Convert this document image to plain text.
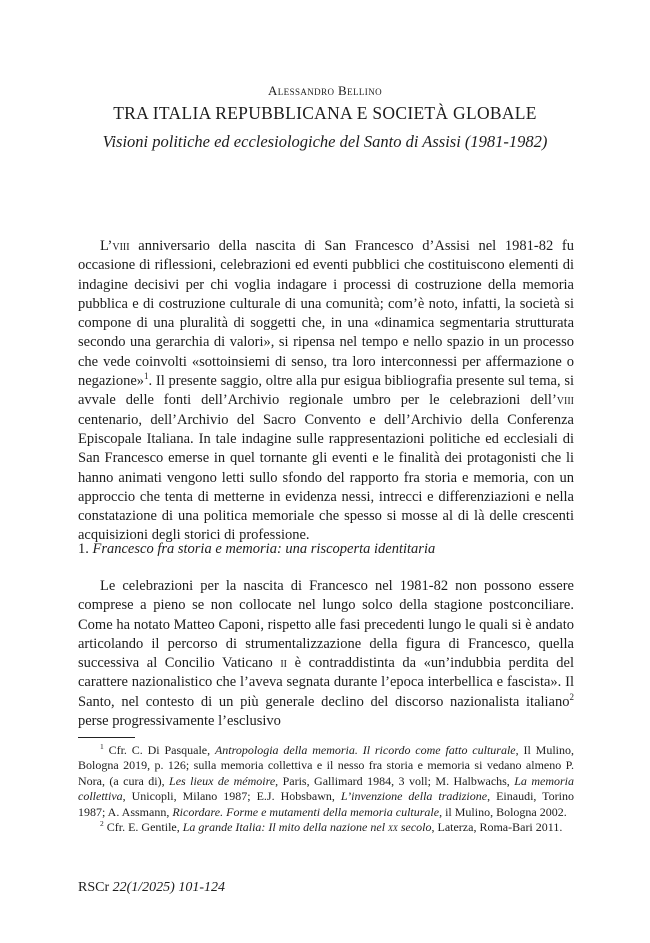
Alessandro Bellino
TRA ITALIA REPUBBLICANA E SOCIETÀ GLOBALE
Visioni politiche ed ecclesiologiche del Santo di Assisi (1981-1982)

L’viii anniversario della nascita di San Francesco d’Assisi nel 1981-82 fu occasione di riflessioni, celebrazioni ed eventi pubblici che costituiscono elementi di indagine decisivi per chi voglia indagare i processi di costruzione della memoria pubblica e di costruzione culturale di una comunità; com’è noto, infatti, la società si compone di una pluralità di soggetti che, in una «dinamica segmentaria strutturata secondo una gerarchia di valori», si ripensa nel tempo e nello spazio in un processo che vede coinvolti «sottoinsiemi di senso, tra loro interconnessi per affermazione o negazione»$^1$. Il presente saggio, oltre alla pur esigua bibliografia presente sul tema, si avvale delle fonti dell’Archivio regionale umbro per le celebrazioni dell’viii centenario, dell’Archivio del Sacro Convento e dell’Archivio della Conferenza Episcopale Italiana. In tale indagine sulle rappresentazioni politiche ed ecclesiali di San Francesco emerse in quel tornante gli eventi e le finalità dei protagonisti che li hanno animati vengono letti sullo sfondo del rapporto fra storia e memoria, con un approccio che tenta di metterne in evidenza nessi, intrecci e differenziazioni e nella constatazione di una politica memoriale che spesso si mosse al di là delle crescenti acquisizioni degli storici di professione.

1. Francesco fra storia e memoria: una riscoperta identitaria

Le celebrazioni per la nascita di Francesco nel 1981-82 non possono essere comprese a pieno se non collocate nel lungo solco della stagione postconciliare. Come ha notato Matteo Caponi, rispetto alle fasi precedenti lungo le quali si è andato articolando il percorso di strumentalizzazione della figura di Francesco, quella successiva al Concilio Vaticano ii è contraddistinta da «un’indubbia perdita del carattere nazionalistico che l’aveva segnata durante l’epoca interbellica e fascista». Il Santo, nel contesto di un più generale declino del discorso nazionalista italiano$^2$ perse progressivamente l’esclusivo

$^1$ Cfr. C. Di Pasquale, Antropologia della memoria. Il ricordo come fatto culturale, Il Mulino, Bologna 2019, p. 126; sulla memoria collettiva e il nesso fra storia e memoria si vedano almeno P. Nora, (a cura di), Les lieux de mémoire, Paris, Gallimard 1984, 3 voll; M. Halbwachs, La memoria collettiva, Unicopli, Milano 1987; E.J. Hobsbawn, L’invenzione della tradizione, Einaudi, Torino 1987; A. Assmann, Ricordare. Forme e mutamenti della memoria culturale, il Mulino, Bologna 2002.

$^2$ Cfr. E. Gentile, La grande Italia: Il mito della nazione nel xx secolo, Laterza, Roma-Bari 2011.

RSCr 22(1/2025) 101-124
